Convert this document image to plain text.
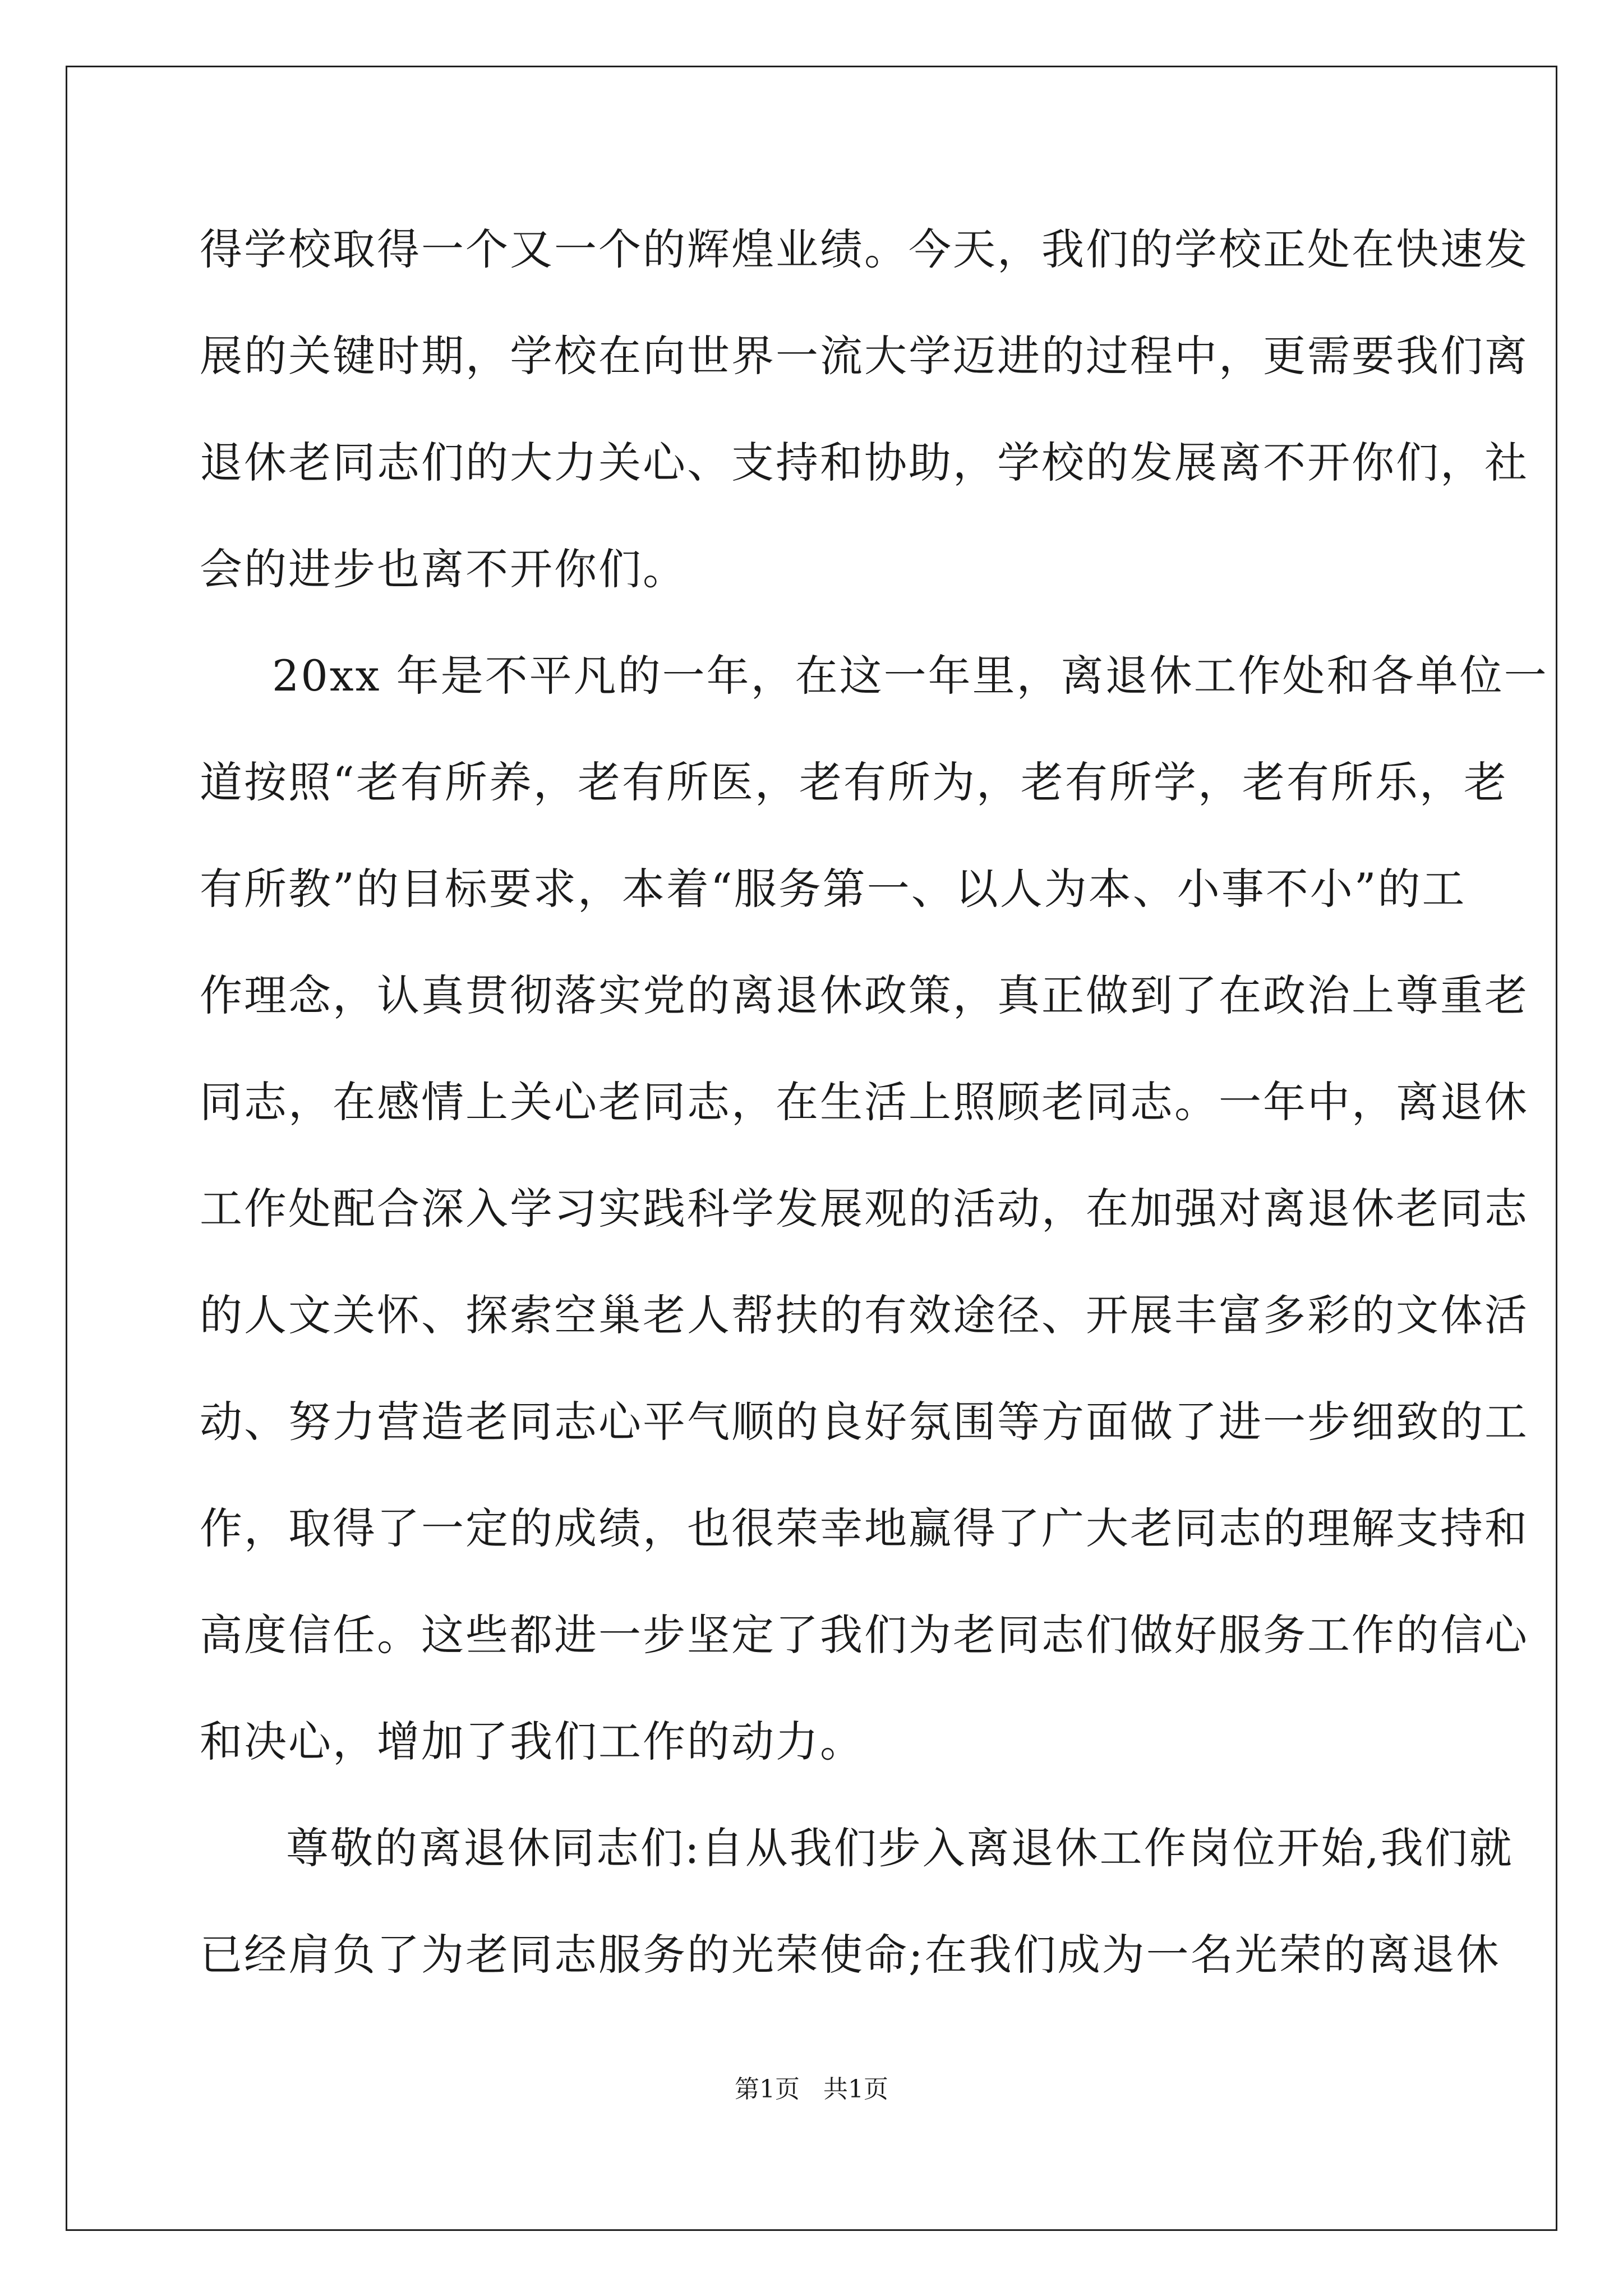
得学校取得一个又一个的辉煌业绩。今天，我们的学校正处在快速发
展的关键时期，学校在向世界一流大学迈进的过程中，更需要我们离
退休老同志们的大力关心、支持和协助，学校的发展离不开你们，社
会的进步也离不开你们。
20xx 年是不平凡的一年，在这一年里，离退休工作处和各单位一
道按照“老有所养，老有所医，老有所为，老有所学，老有所乐，老
有所教”的目标要求，本着“服务第一、以人为本、小事不小”的工
作理念，认真贯彻落实党的离退休政策，真正做到了在政治上尊重老
同志，在感情上关心老同志，在生活上照顾老同志。一年中，离退休
工作处配合深入学习实践科学发展观的活动，在加强对离退休老同志
的人文关怀、探索空巢老人帮扶的有效途径、开展丰富多彩的文体活
动、努力营造老同志心平气顺的良好氛围等方面做了进一步细致的工
作，取得了一定的成绩，也很荣幸地赢得了广大老同志的理解支持和
高度信任。这些都进一步坚定了我们为老同志们做好服务工作的信心
和决心，增加了我们工作的动力。
尊敬的离退休同志们:自从我们步入离退休工作岗位开始,我们就
已经肩负了为老同志服务的光荣使命;在我们成为一名光荣的离退休
第1页   共1页
